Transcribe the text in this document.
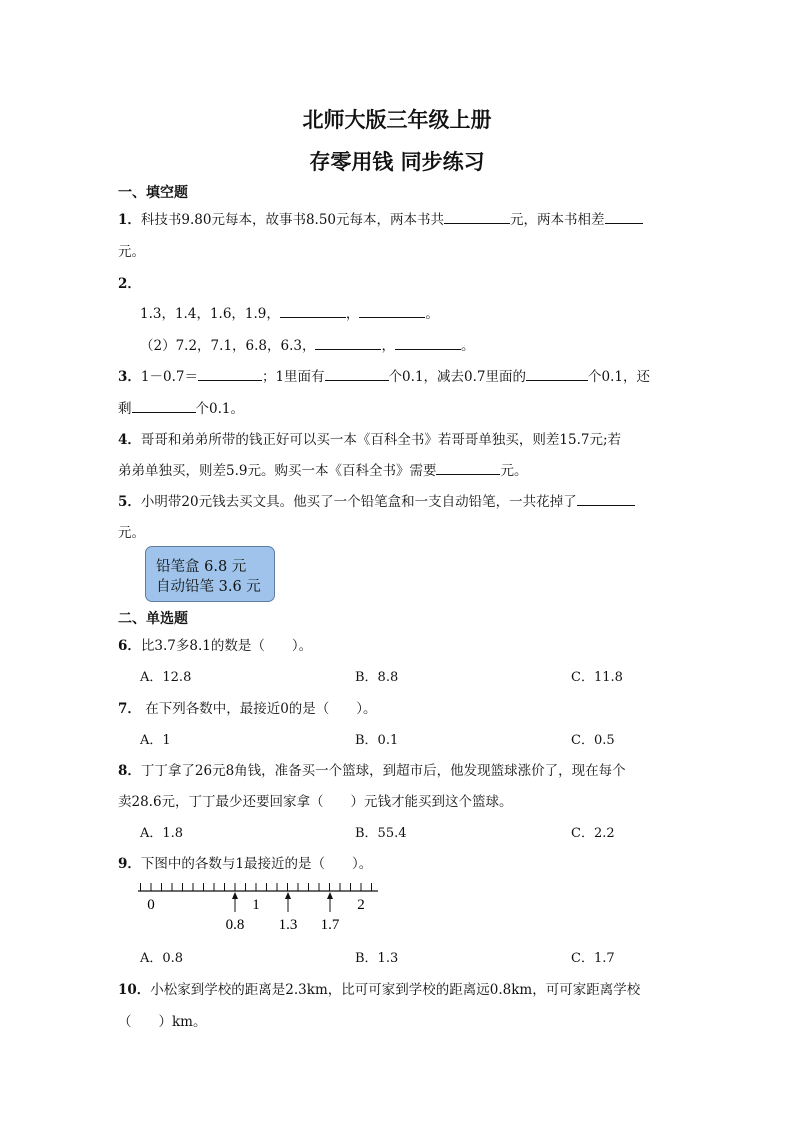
北师大版三年级上册
存零用钱 同步练习
一、填空题
1．科技书9.80元每本，故事书8.50元每本，两本书共	元，两本书相差
元。
2．
1.3，1.4，1.6，1.9，	，	。
（2）7.2，7.1，6.8，6.3，	，	。
3．1－0.7＝	；1里面有	个0.1，减去0.7里面的	个0.1，还
剩	个0.1。
4．哥哥和弟弟所带的钱正好可以买一本《百科全书》若哥哥单独买，则差15.7元;若
弟弟单独买，则差5.9元。购买一本《百科全书》需要	元。
5．小明带20元钱去买文具。他买了一个铅笔盒和一支自动铅笔，一共花掉了
元。
铅笔盒 6.8 元
自动铅笔 3.6 元
二、单选题
6．比3.7多8.1的数是（　　）。
A．12.8	B．8.8	C．11.8
7． 在下列各数中，最接近0的是（　　）。
A．1	B．0.1	C．0.5
8．丁丁拿了26元8角钱，准备买一个篮球，到超市后，他发现篮球涨价了，现在每个
卖28.6元，丁丁最少还要回家拿（　　）元钱才能买到这个篮球。
A．1.8	B．55.4	C．2.2
9．下图中的各数与1最接近的是（　　）。
0	1	2
0.8 1.3 1.7
A．0.8	B．1.3	C．1.7
10．小松家到学校的距离是2.3km，比可可家到学校的距离远0.8km，可可家距离学校
（　　）km。
